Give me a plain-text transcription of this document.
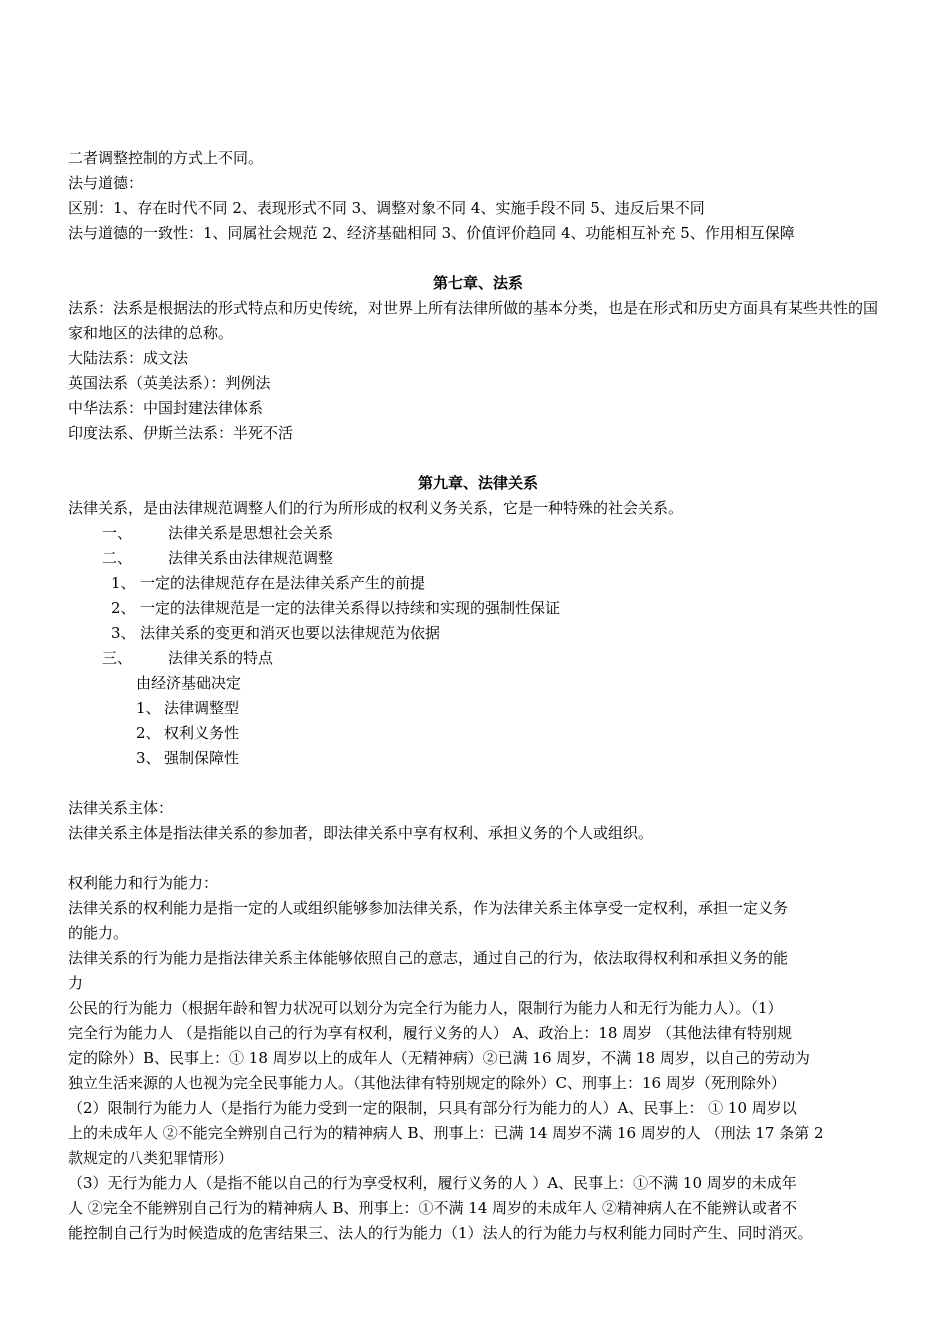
二者调整控制的方式上不同。
法与道德：
区别：1、存在时代不同 2、表现形式不同 3、调整对象不同 4、实施手段不同 5、违反后果不同
法与道德的一致性：1、同属社会规范 2、经济基础相同 3、价值评价趋同 4、功能相互补充 5、作用相互保障
第七章、法系
法系：法系是根据法的形式特点和历史传统，对世界上所有法律所做的基本分类，也是在形式和历史方面具有某些共性的国家和地区的法律的总称。
大陆法系：成文法
英国法系（英美法系）：判例法
中华法系：中国封建法律体系
印度法系、伊斯兰法系：半死不活
第九章、法律关系
法律关系，是由法律规范调整人们的行为所形成的权利义务关系，它是一种特殊的社会关系。
一、 法律关系是思想社会关系
二、 法律关系由法律规范调整
1、 一定的法律规范存在是法律关系产生的前提
2、 一定的法律规范是一定的法律关系得以持续和实现的强制性保证
3、 法律关系的变更和消灭也要以法律规范为依据
三、 法律关系的特点
由经济基础决定
1、 法律调整型
2、 权利义务性
3、 强制保障性
法律关系主体：
法律关系主体是指法律关系的参加者，即法律关系中享有权利、承担义务的个人或组织。
权利能力和行为能力：
法律关系的权利能力是指一定的人或组织能够参加法律关系，作为法律关系主体享受一定权利，承担一定义务
的能力。
法律关系的行为能力是指法律关系主体能够依照自己的意志，通过自己的行为，依法取得权利和承担义务的能
力
公民的行为能力（根据年龄和智力状况可以划分为完全行为能力人，限制行为能力人和无行为能力人）。（1）
完全行为能力人 （是指能以自己的行为享有权利，履行义务的人） A、政治上：18 周岁 （其他法律有特别规
定的除外）B、民事上：① 18 周岁以上的成年人（无精神病）②已满 16 周岁，不满 18 周岁，以自己的劳动为
独立生活来源的人也视为完全民事能力人。（其他法律有特别规定的除外）C、刑事上：16 周岁（死刑除外）
（2）限制行为能力人（是指行为能力受到一定的限制，只具有部分行为能力的人）A、民事上： ① 10 周岁以
上的未成年人 ②不能完全辨别自己行为的精神病人 B、刑事上：已满 14 周岁不满 16 周岁的人 （刑法 17 条第 2
款规定的八类犯罪情形）
（3）无行为能力人（是指不能以自己的行为享受权利，履行义务的人 ）A、民事上：①不满 10 周岁的未成年
人 ②完全不能辨别自己行为的精神病人 B、刑事上：①不满 14 周岁的未成年人 ②精神病人在不能辨认或者不
能控制自己行为时候造成的危害结果三、法人的行为能力（1）法人的行为能力与权利能力同时产生、同时消灭。
